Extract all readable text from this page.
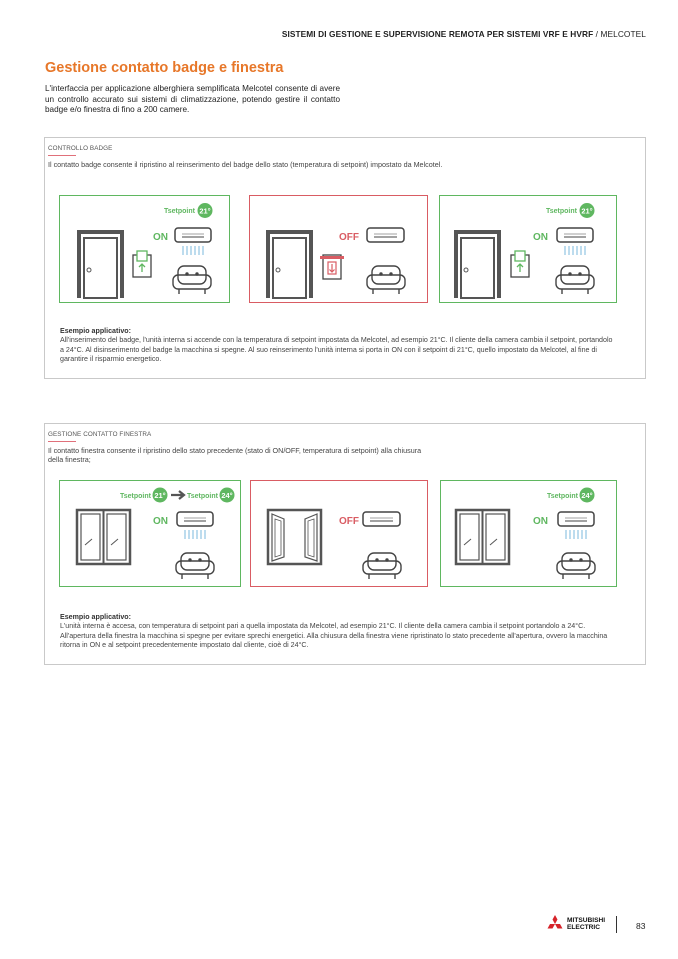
SISTEMI DI GESTIONE E SUPERVISIONE REMOTA PER SISTEMI VRF E HVRF / MELCOTEL
Gestione contatto badge e finestra
L'interfaccia per applicazione alberghiera semplificata Melcotel consente di avere un controllo accurato sui sistemi di climatizzazione, potendo gestire il contatto badge e/o finestra di fino a 200 camere.
CONTROLLO BADGE
Il contatto badge consente il ripristino al reinserimento del badge dello stato (temperatura di setpoint) impostato da Melcotel.
Tsetpoint 21°
ON	OFF
Tsetpoint 21°
ON
Esempio applicativo:
All'inserimento del badge, l'unità interna si accende con la temperatura di setpoint impostata da Melcotel, ad esempio 21°C. Il cliente della camera cambia il setpoint, portandolo a 24°C. Al disinserimento del badge la macchina si spegne. Al suo reinserimento l'unità interna si porta in ON con il setpoint di 21°C, quello impostato da Melcotel, al fine di garantire il risparmio energetico.
GESTIONE CONTATTO FINESTRA
Il contatto finestra consente il ripristino dello stato precedente (stato di ON/OFF, temperatura di setpoint) alla chiusura della finestra;
Tsetpoint 21°	Tsetpoint 24°
ON	OFF
Tsetpoint 24°
ON
Esempio applicativo:
L'unità interna è accesa, con temperatura di setpoint pari a quella impostata da Melcotel, ad esempio 21°C. Il cliente della camera cambia il setpoint portandolo a 24°C. All'apertura della finestra la macchina si spegne per evitare sprechi energetici. Alla chiusura della finestra viene ripristinato lo stato precedente all'apertura, ovvero la macchina ritorna in ON e al setpoint precedentemente impostato dal cliente, cioè di 24°C.
MITSUBISHI
ELECTRIC	83
